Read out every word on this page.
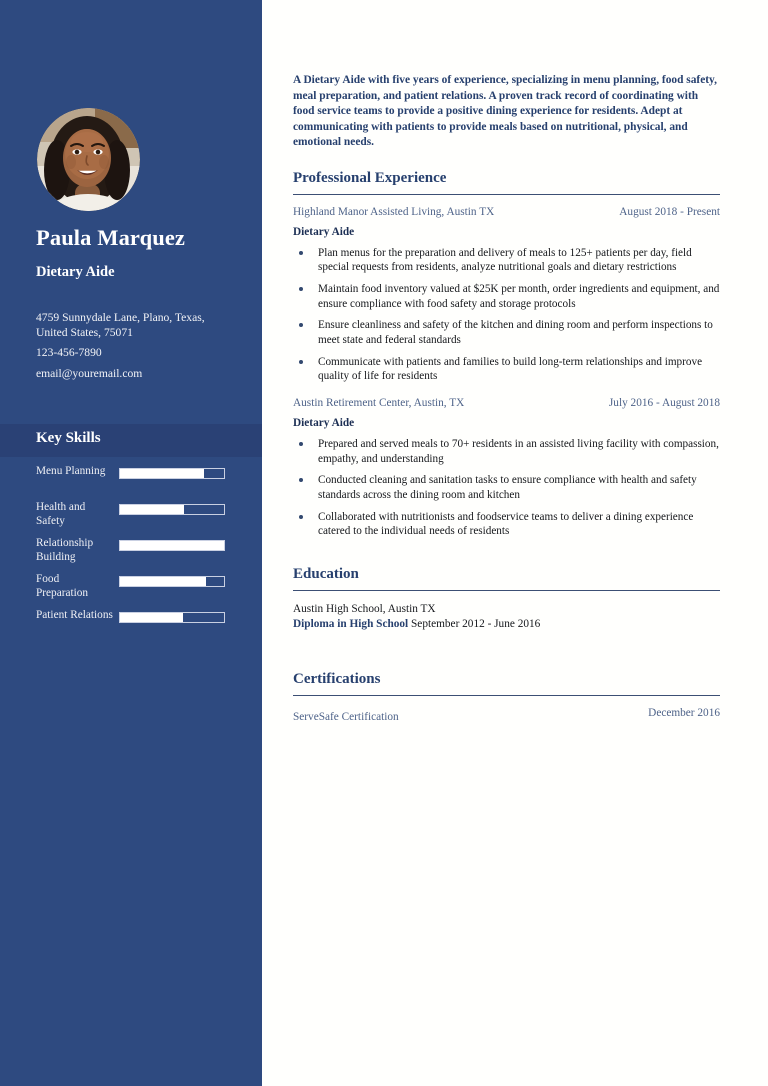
Paula Marquez
Dietary Aide
4759 Sunnydale Lane, Plano, Texas, United States, 75071
123-456-7890
email@youremail.com
Key Skills
Menu Planning
Health and Safety
Relationship Building
Food Preparation
Patient Relations
A Dietary Aide with five years of experience, specializing in menu planning, food safety, meal preparation, and patient relations. A proven track record of coordinating with food service teams to provide a positive dining experience for residents. Adept at communicating with patients to provide meals based on nutritional, physical, and emotional needs.
Professional Experience
Highland Manor Assisted Living, Austin TX	August 2018 - Present
Dietary Aide
Plan menus for the preparation and delivery of meals to 125+ patients per day, field special requests from residents, analyze nutritional goals and dietary restrictions
Maintain food inventory valued at $25K per month, order ingredients and equipment, and ensure compliance with food safety and storage protocols
Ensure cleanliness and safety of the kitchen and dining room and perform inspections to meet state and federal standards
Communicate with patients and families to build long-term relationships and improve quality of life for residents
Austin Retirement Center, Austin, TX	July 2016 - August 2018
Dietary Aide
Prepared and served meals to 70+ residents in an assisted living facility with compassion, empathy, and understanding
Conducted cleaning and sanitation tasks to ensure compliance with health and safety standards across the dining room and kitchen
Collaborated with nutritionists and foodservice teams to deliver a dining experience catered to the individual needs of residents
Education
Austin High School, Austin TX
Diploma in High School September 2012 - June 2016
Certifications
ServeSafe Certification	December 2016
